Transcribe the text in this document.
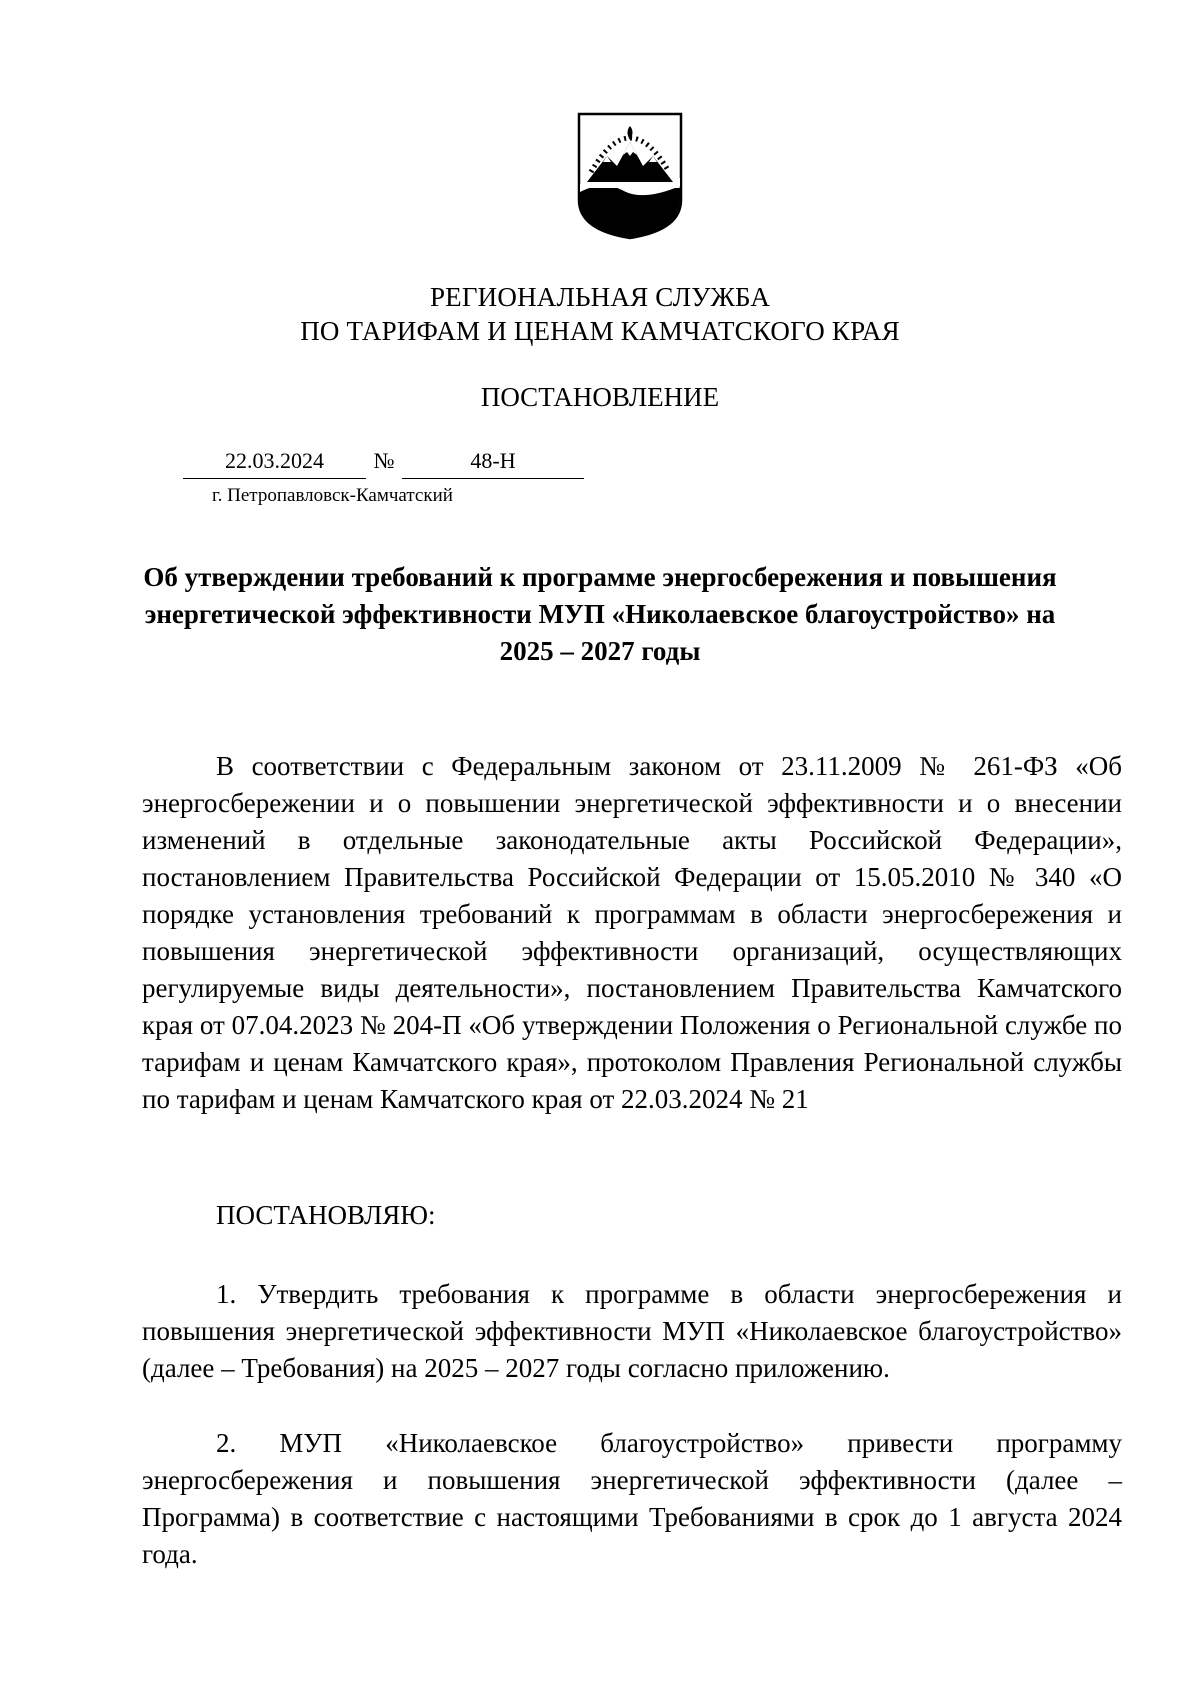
РЕГИОНАЛЬНАЯ СЛУЖБА
ПО ТАРИФАМ И ЦЕНАМ КАМЧАТСКОГО КРАЯ
ПОСТАНОВЛЕНИЕ
22.03.2024	№	48-Н
г. Петропавловск-Камчатский
Об утверждении требований к программе энергосбережения и повышения энергетической эффективности МУП «Николаевское благоустройство» на 2025 – 2027 годы

В соответствии с Федеральным законом от 23.11.2009 № 261-ФЗ «Об энергосбережении и о повышении энергетической эффективности и о внесении изменений в отдельные законодательные акты Российской Федерации», постановлением Правительства Российской Федерации от 15.05.2010 № 340 «О порядке установления требований к программам в области энергосбережения и повышения энергетической эффективности организаций, осуществляющих регулируемые виды деятельности», постановлением Правительства Камчатского края от 07.04.2023 № 204-П «Об утверждении Положения о Региональной службе по тарифам и ценам Камчатского края», протоколом Правления Региональной службы по тарифам и ценам Камчатского края от 22.03.2024 № 21

ПОСТАНОВЛЯЮ:

1. Утвердить требования к программе в области энергосбережения и повышения энергетической эффективности МУП «Николаевское благоустройство» (далее – Требования) на 2025 – 2027 годы согласно приложению.

2. МУП «Николаевское благоустройство» привести программу энергосбережения и повышения энергетической эффективности (далее – Программа) в соответствие с настоящими Требованиями в срок до 1 августа 2024 года.
